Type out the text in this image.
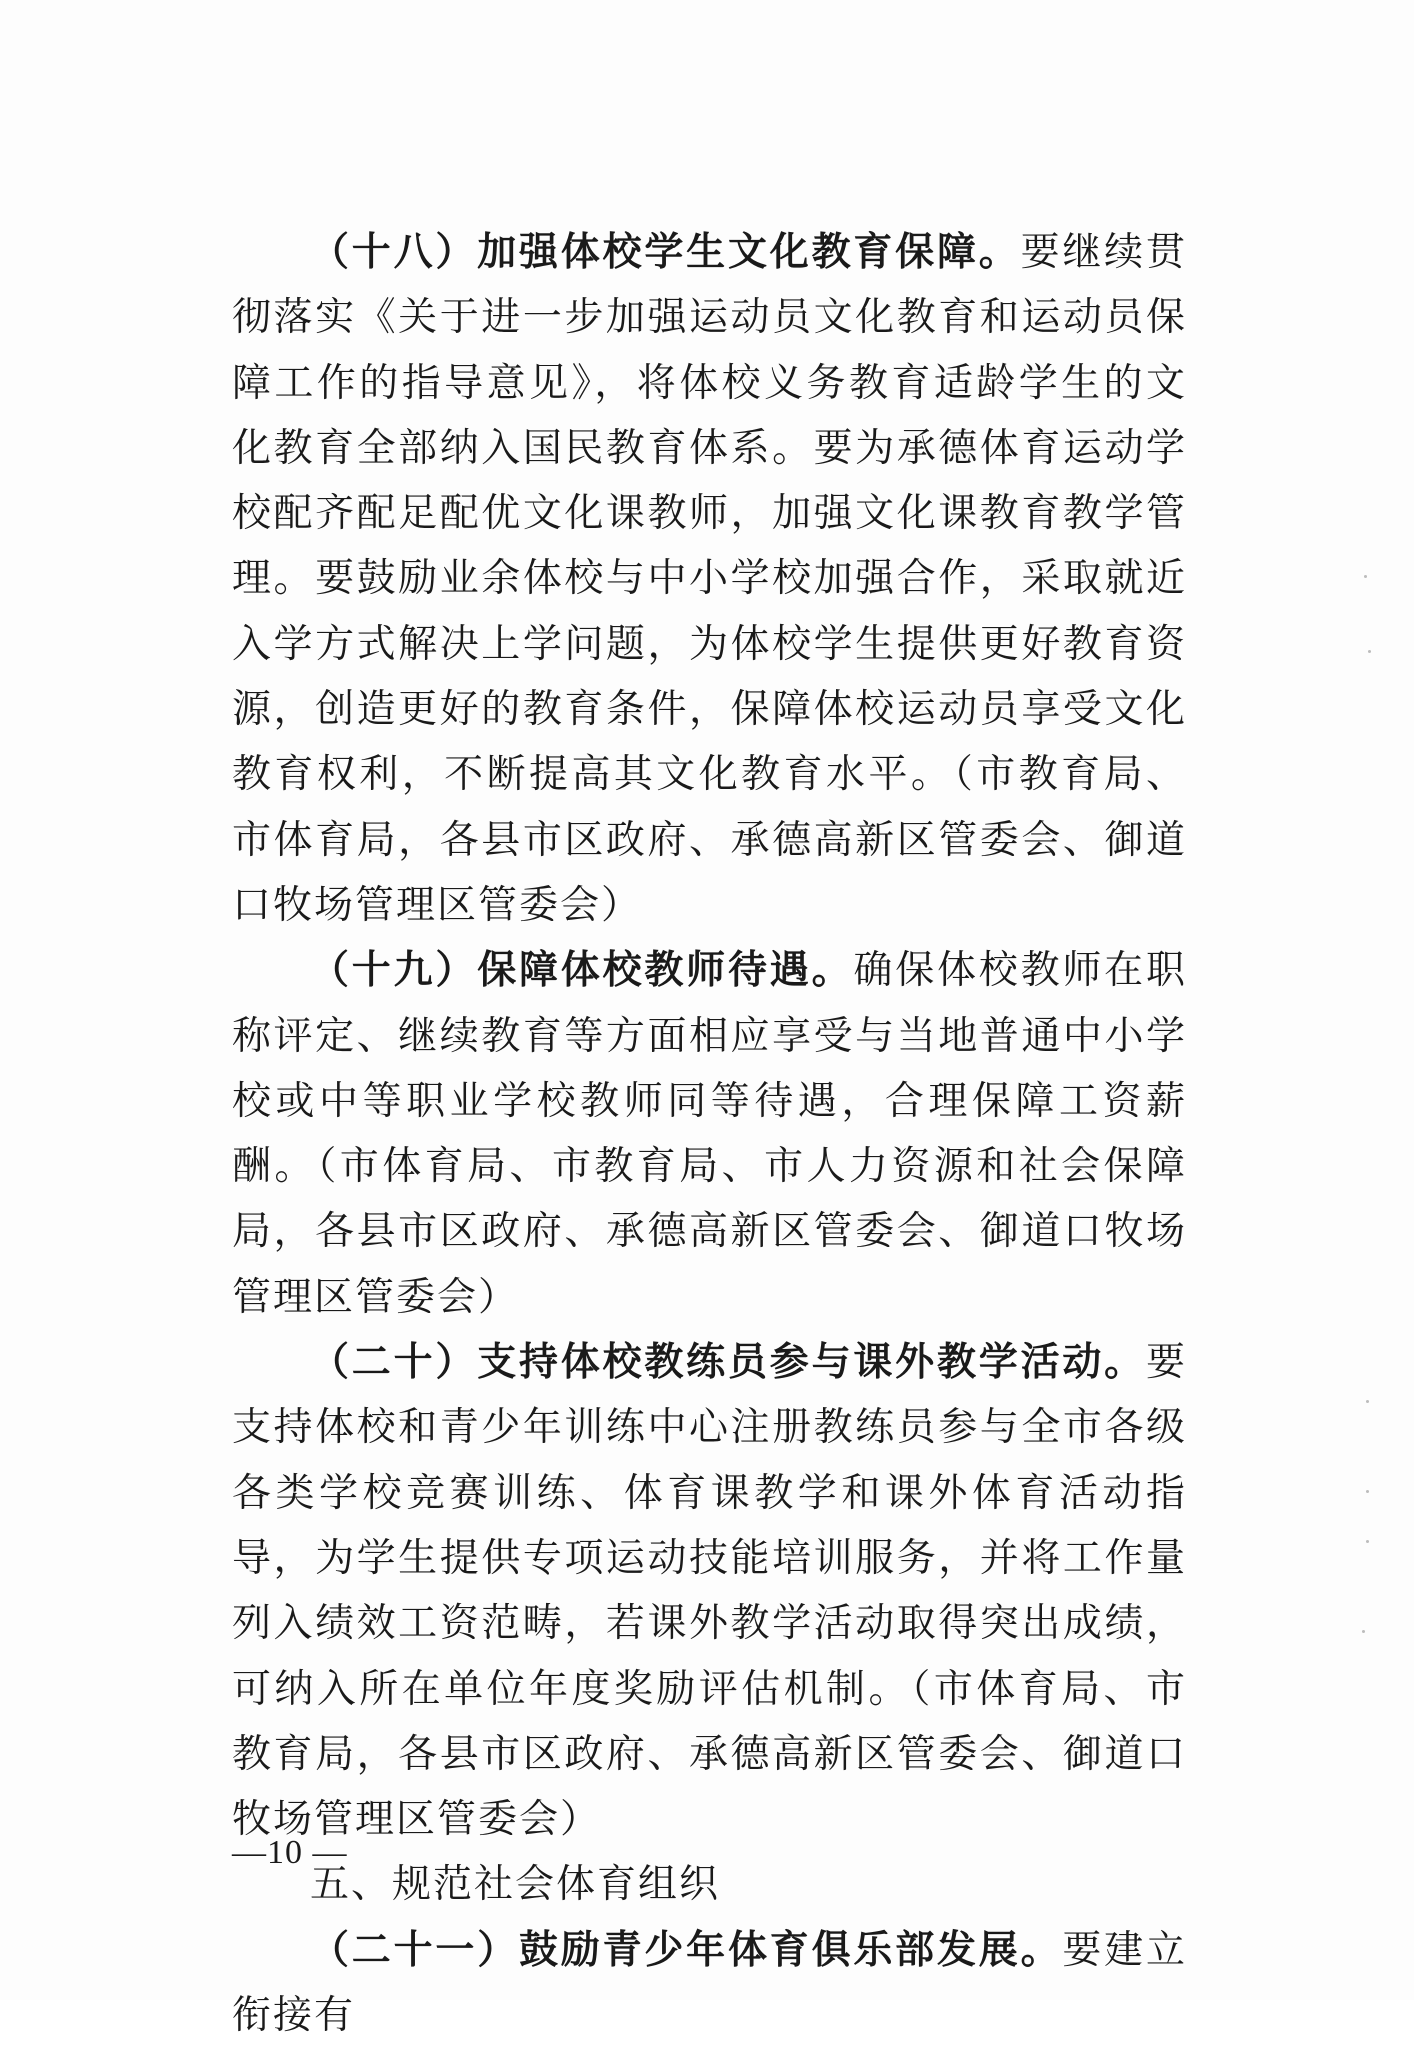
（十八）加强体校学生文化教育保障。要继续贯彻落实《关于进一步加强运动员文化教育和运动员保障工作的指导意见》，将体校义务教育适龄学生的文化教育全部纳入国民教育体系。要为承德体育运动学校配齐配足配优文化课教师，加强文化课教育教学管理。要鼓励业余体校与中小学校加强合作，采取就近入学方式解决上学问题，为体校学生提供更好教育资源，创造更好的教育条件，保障体校运动员享受文化教育权利，不断提高其文化教育水平。（市教育局、市体育局，各县市区政府、承德高新区管委会、御道口牧场管理区管委会）

（十九）保障体校教师待遇。确保体校教师在职称评定、继续教育等方面相应享受与当地普通中小学校或中等职业学校教师同等待遇，合理保障工资薪酬。（市体育局、市教育局、市人力资源和社会保障局，各县市区政府、承德高新区管委会、御道口牧场管理区管委会）

（二十）支持体校教练员参与课外教学活动。要支持体校和青少年训练中心注册教练员参与全市各级各类学校竞赛训练、体育课教学和课外体育活动指导，为学生提供专项运动技能培训服务，并将工作量列入绩效工资范畴，若课外教学活动取得突出成绩，可纳入所在单位年度奖励评估机制。（市体育局、市教育局，各县市区政府、承德高新区管委会、御道口牧场管理区管委会）

五、规范社会体育组织

（二十一）鼓励青少年体育俱乐部发展。要建立衔接有

—10 —
